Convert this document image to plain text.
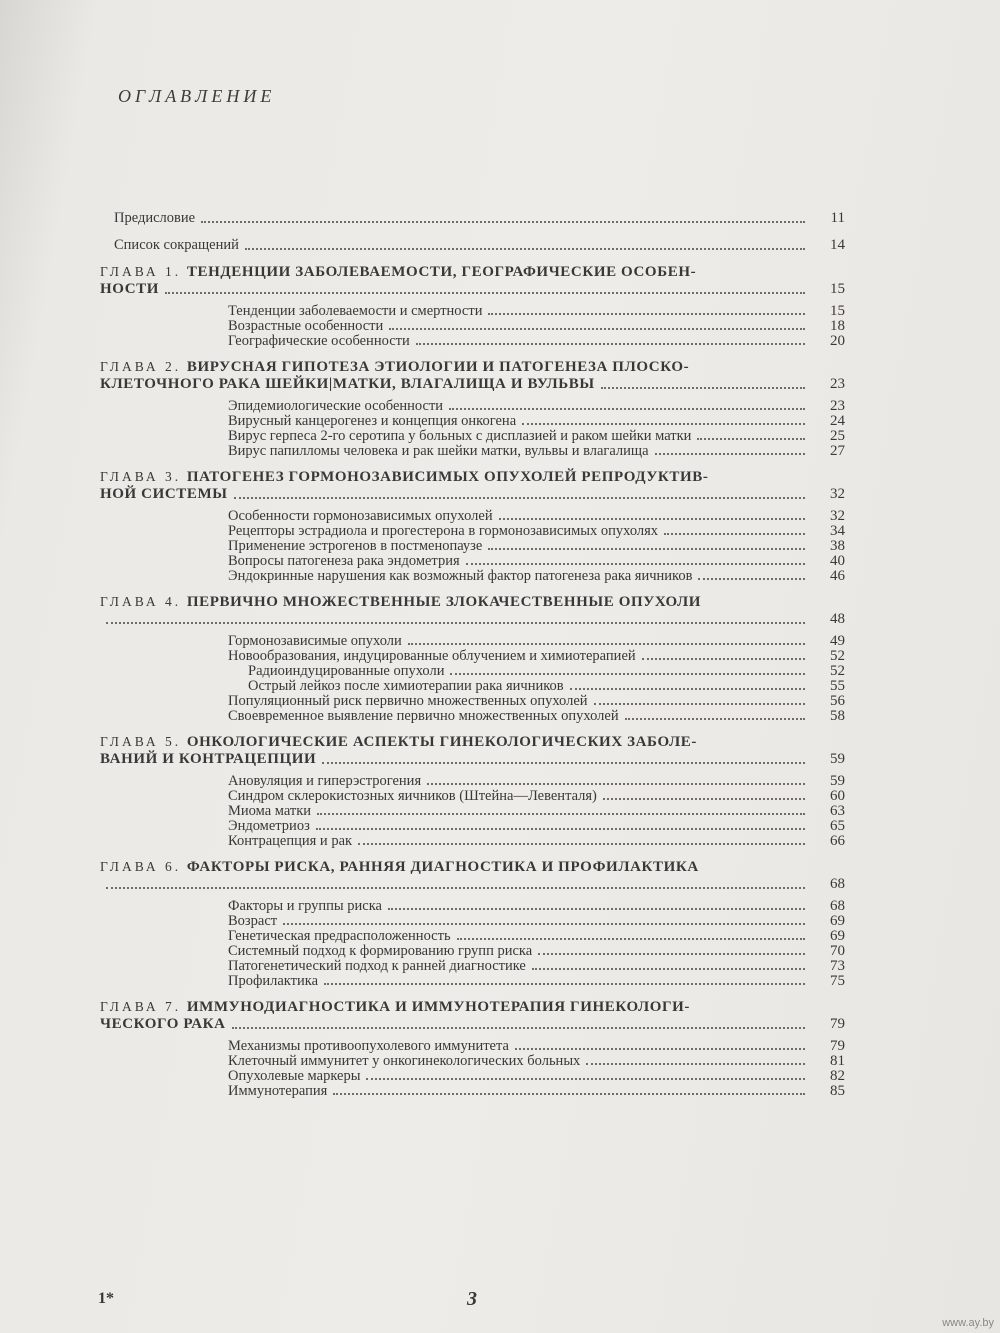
ОГЛАВЛЕНИЕ
Предисловие	11
Список сокращений	14
ГЛАВА 1. ТЕНДЕНЦИИ ЗАБОЛЕВАЕМОСТИ, ГЕОГРАФИЧЕСКИЕ ОСОБЕН-
НОСТИ	15
Тенденции заболеваемости и смертности	15
Возрастные особенности	18
Географические особенности	20
ГЛАВА 2. ВИРУСНАЯ ГИПОТЕЗА ЭТИОЛОГИИ И ПАТОГЕНЕЗА ПЛОСКО-
КЛЕТОЧНОГО РАКА ШЕЙКИ|МАТКИ, ВЛАГАЛИЩА И ВУЛЬВЫ	23
Эпидемиологические особенности	23
Вирусный канцерогенез и концепция онкогена	24
Вирус герпеса 2-го серотипа у больных с дисплазией и раком шейки матки	25
Вирус папилломы человека и рак шейки матки, вульвы и влагалища	27
ГЛАВА 3. ПАТОГЕНЕЗ ГОРМОНОЗАВИСИМЫХ ОПУХОЛЕЙ РЕПРОДУКТИВ-
НОЙ СИСТЕМЫ	32
Особенности гормонозависимых опухолей	32
Рецепторы эстрадиола и прогестерона в гормонозависимых опухолях	34
Применение эстрогенов в постменопаузе	38
Вопросы патогенеза рака эндометрия	40
Эндокринные нарушения как возможный фактор патогенеза рака яичников	46
ГЛАВА 4. ПЕРВИЧНО МНОЖЕСТВЕННЫЕ ЗЛОКАЧЕСТВЕННЫЕ ОПУХОЛИ
48
Гормонозависимые опухоли	49
Новообразования, индуцированные облучением и химиотерапией	52
Радиоиндуцированные опухоли	52
Острый лейкоз после химиотерапии рака яичников	55
Популяционный риск первично множественных опухолей	56
Своевременное выявление первично множественных опухолей	58
ГЛАВА 5. ОНКОЛОГИЧЕСКИЕ АСПЕКТЫ ГИНЕКОЛОГИЧЕСКИХ ЗАБОЛЕ-
ВАНИЙ И КОНТРАЦЕПЦИИ	59
Ановуляция и гиперэстрогения	59
Синдром склерокистозных яичников (Штейна—Левенталя)	60
Миома матки	63
Эндометриоз	65
Контрацепция и рак	66
ГЛАВА 6. ФАКТОРЫ РИСКА, РАННЯЯ ДИАГНОСТИКА И ПРОФИЛАКТИКА
68
Факторы и группы риска	68
Возраст	69
Генетическая предрасположенность	69
Системный подход к формированию групп риска	70
Патогенетический подход к ранней диагностике	73
Профилактика	75
ГЛАВА 7. ИММУНОДИАГНОСТИКА И ИММУНОТЕРАПИЯ ГИНЕКОЛОГИ-
ЧЕСКОГО РАКА	79
Механизмы противоопухолевого иммунитета	79
Клеточный иммунитет у онкогинекологических больных	81
Опухолевые маркеры	82
Иммунотерапия	85
1*	3
www.ay.by
